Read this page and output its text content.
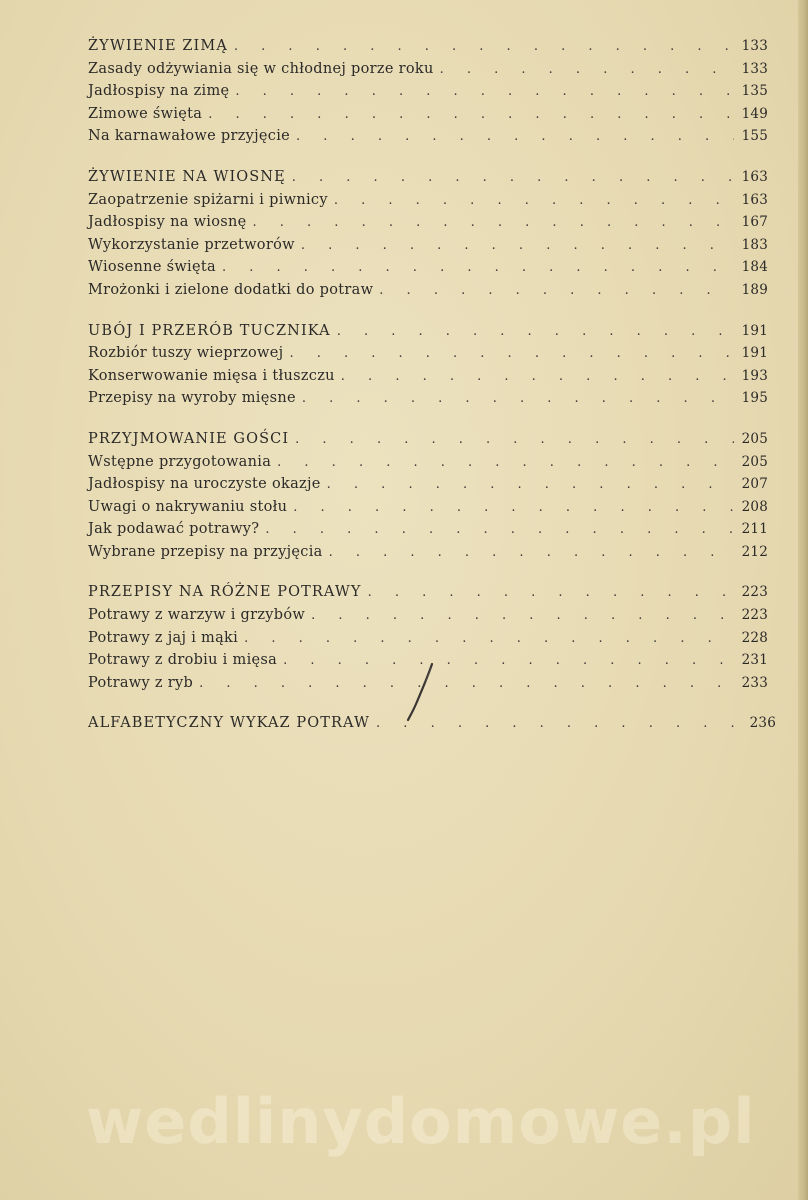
ŻYWIENIE ZIMĄ . . .	133
Zasady odżywiania się w chłodnej porze roku . . .	133
Jadłospisy na zimę . . .	135
Zimowe święta . . .	149
Na karnawałowe przyjęcie . . .	155
ŻYWIENIE NA WIOSNĘ . . .	163
Zaopatrzenie spiżarni i piwnicy . . .	163
Jadłospisy na wiosnę . . .	167
Wykorzystanie przetworów . . .	183
Wiosenne święta . . .	184
Mrożonki i zielone dodatki do potraw . . .	189
UBÓJ I PRZERÓB TUCZNIKA . . .	191
Rozbiór tuszy wieprzowej . . .	191
Konserwowanie mięsa i tłuszczu . . .	193
Przepisy na wyroby mięsne . . .	195
PRZYJMOWANIE GOŚCI . . .	205
Wstępne przygotowania . . .	205
Jadłospisy na uroczyste okazje . . .	207
Uwagi o nakrywaniu stołu . . .	208
Jak podawać potrawy? . . .	211
Wybrane przepisy na przyjęcia . . .	212
PRZEPISY NA RÓŻNE POTRAWY . . .	223
Potrawy z warzyw i grzybów . . .	223
Potrawy z jaj i mąki . . .	228
Potrawy z drobiu i mięsa . . .	231
Potrawy z ryb . . .	233
ALFABETYCZNY WYKAZ POTRAW . . .	236
wedlinydomowe.pl
